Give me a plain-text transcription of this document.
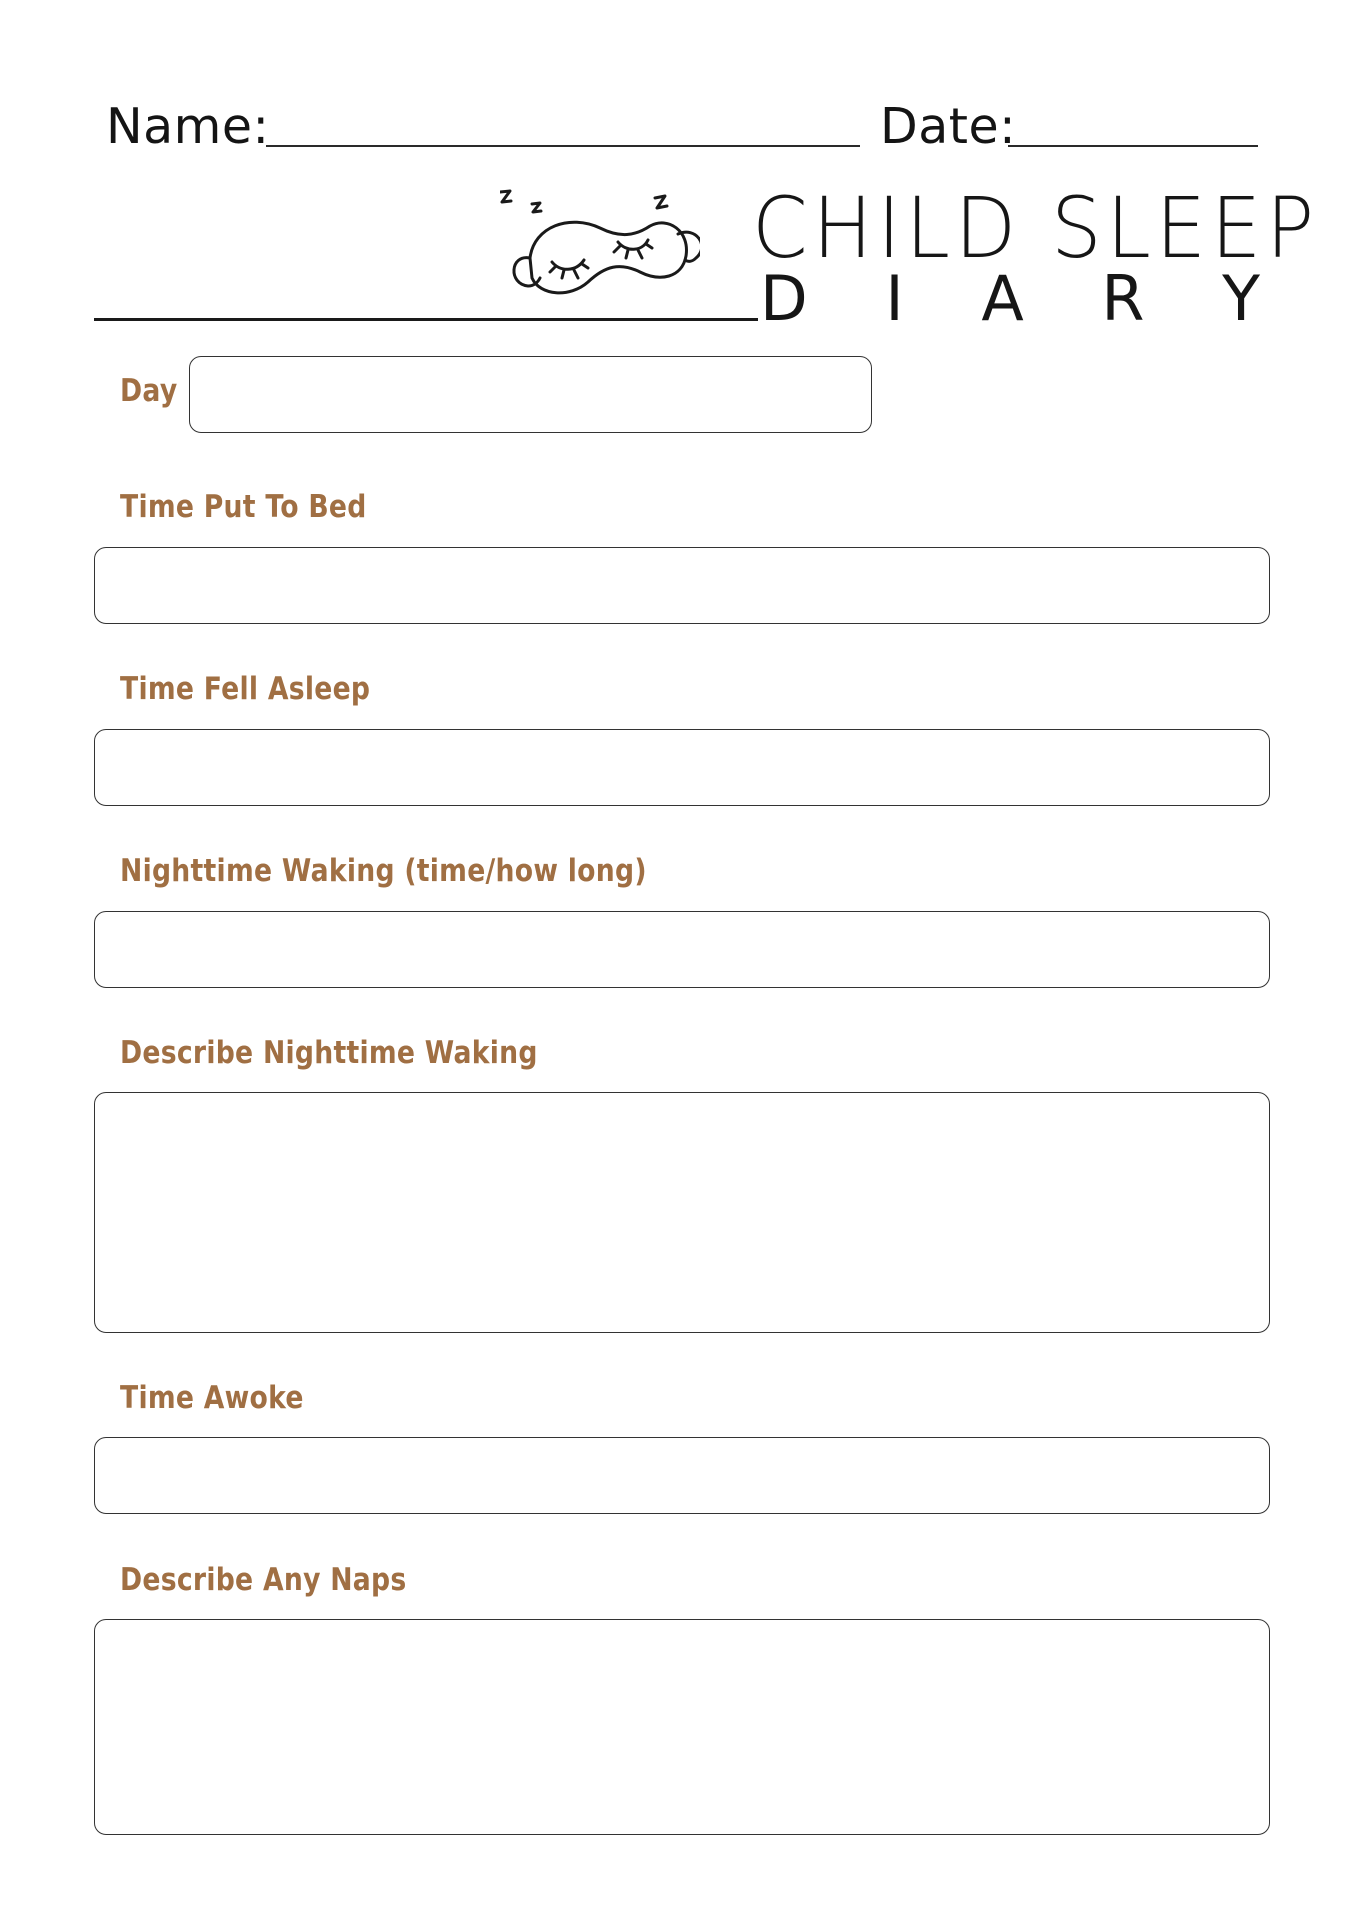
Name:	Date:
CHILD SLEEP
D I A R Y
Day
Time Put To Bed
Time Fell Asleep
Nighttime Waking (time/how long)
Describe Nighttime Waking
Time Awoke
Describe Any Naps
